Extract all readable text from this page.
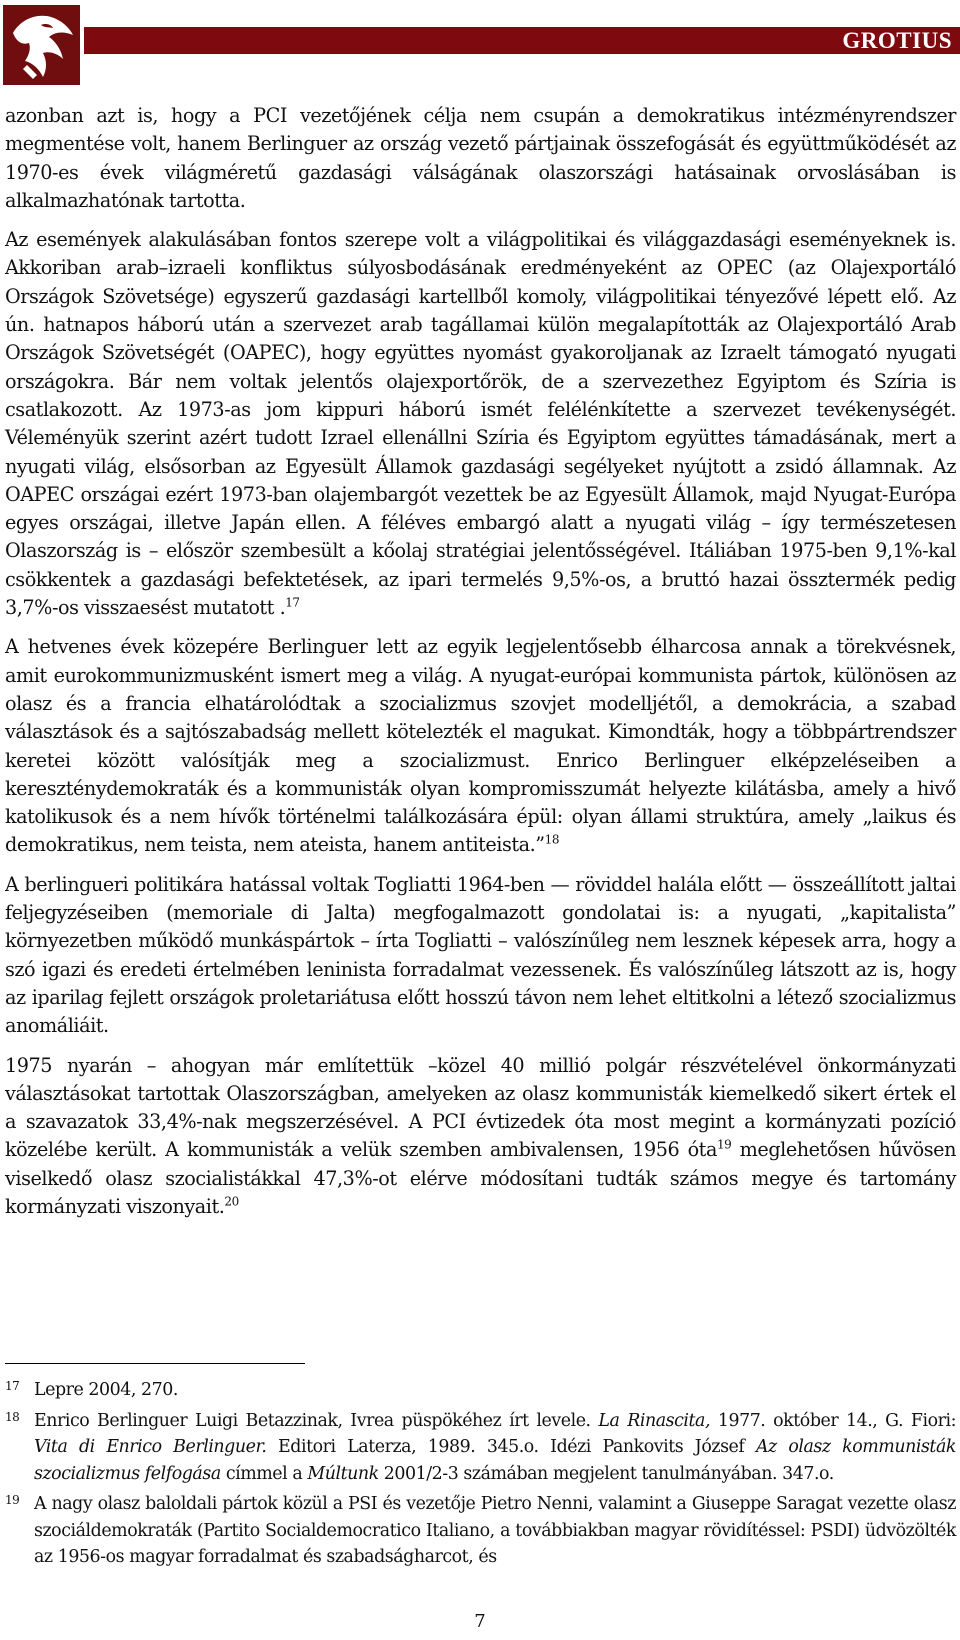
GROTIUS

azonban azt is, hogy a PCI vezetőjének célja nem csupán a demokratikus intézményrendszer megmentése volt, hanem Berlinguer az ország vezető pártjainak összefogását és együttműködését az 1970-es évek világméretű gazdasági válságának olaszországi hatásainak orvoslásában is alkalmazhatónak tartotta.

Az események alakulásában fontos szerepe volt a világpolitikai és világgazdasági eseményeknek is. Akkoriban arab–izraeli konfliktus súlyosbodásának eredményeként az OPEC (az Olajexportáló Országok Szövetsége) egyszerű gazdasági kartellből komoly, világpolitikai tényezővé lépett elő. Az ún. hatnapos háború után a szervezet arab tagállamai külön megalapították az Olajexportáló Arab Országok Szövetségét (OAPEC), hogy együttes nyomást gyakoroljanak az Izraelt támogató nyugati országokra. Bár nem voltak jelentős olajexportőrök, de a szervezethez Egyiptom és Szíria is csatlakozott. Az 1973-as jom kippuri háború ismét felélénkítette a szervezet tevékenységét. Véleményük szerint azért tudott Izrael ellenállni Szíria és Egyiptom együttes támadásának, mert a nyugati világ, elsősorban az Egyesült Államok gazdasági segélyeket nyújtott a zsidó államnak. Az OAPEC országai ezért 1973-ban olajembargót vezettek be az Egyesült Államok, majd Nyugat-Európa egyes országai, illetve Japán ellen. A féléves embargó alatt a nyugati világ – így természetesen Olaszország is – először szembesült a kőolaj stratégiai jelentősségével. Itáliában 1975-ben 9,1%-kal csökkentek a gazdasági befektetések, az ipari termelés 9,5%-os, a bruttó hazai össztermék pedig 3,7%-os visszaesést mutatott .$^{17}$

A hetvenes évek közepére Berlinguer lett az egyik legjelentősebb élharcosa annak a törekvésnek, amit eurokommunizmusként ismert meg a világ. A nyugat-európai kommunista pártok, különösen az olasz és a francia elhatárolódtak a szocializmus szovjet modelljétől, a demokrácia, a szabad választások és a sajtószabadság mellett kötelezték el magukat. Kimondták, hogy a többpártrendszer keretei között valósítják meg a szocializmust. Enrico Berlinguer elképzeléseiben a kereszténydemokraták és a kommunisták olyan kompromisszumát helyezte kilátásba, amely a hivő katolikusok és a nem hívők történelmi találkozására épül: olyan állami struktúra, amely „laikus és demokratikus, nem teista, nem ateista, hanem antiteista.”$^{18}$

A berlingueri politikára hatással voltak Togliatti 1964-ben — röviddel halála előtt — összeállított jaltai feljegyzéseiben (memoriale di Jalta) megfogalmazott gondolatai is: a nyugati, „kapitalista” környezetben működő munkáspártok – írta Togliatti – valószínűleg nem lesznek képesek arra, hogy a szó igazi és eredeti értelmében leninista forradalmat vezessenek. És valószínűleg látszott az is, hogy az iparilag fejlett országok proletariátusa előtt hosszú távon nem lehet eltitkolni a létező szocializmus anomáliáit.

1975 nyarán – ahogyan már említettük –közel 40 millió polgár részvételével önkormányzati választásokat tartottak Olaszországban, amelyeken az olasz kommunisták kiemelkedő sikert értek el a szavazatok 33,4%-nak megszerzésével. A PCI évtizedek óta most megint a kormányzati pozíció közelébe került. A kommunisták a velük szemben ambivalensen, 1956 óta$^{19}$ meglehetősen hűvösen viselkedő olasz szocialistákkal 47,3%-ot elérve módosítani tudták számos megye és tartomány kormányzati viszonyait.$^{20}$

17 Lepre 2004, 270.
18 Enrico Berlinguer Luigi Betazzinak, Ivrea püspökéhez írt levele. La Rinascita, 1977. október 14., G. Fiori: Vita di Enrico Berlinguer. Editori Laterza, 1989. 345.o. Idézi Pankovits József Az olasz kommunisták szocializmus felfogása címmel a Múltunk 2001/2-3 számában megjelent tanulmányában. 347.o.
19 A nagy olasz baloldali pártok közül a PSI és vezetője Pietro Nenni, valamint a Giuseppe Saragat vezette olasz szociáldemokraták (Partito Socialdemocratico Italiano, a továbbiakban magyar rövidítéssel: PSDI) üdvözölték az 1956-os magyar forradalmat és szabadságharcot, és
7
